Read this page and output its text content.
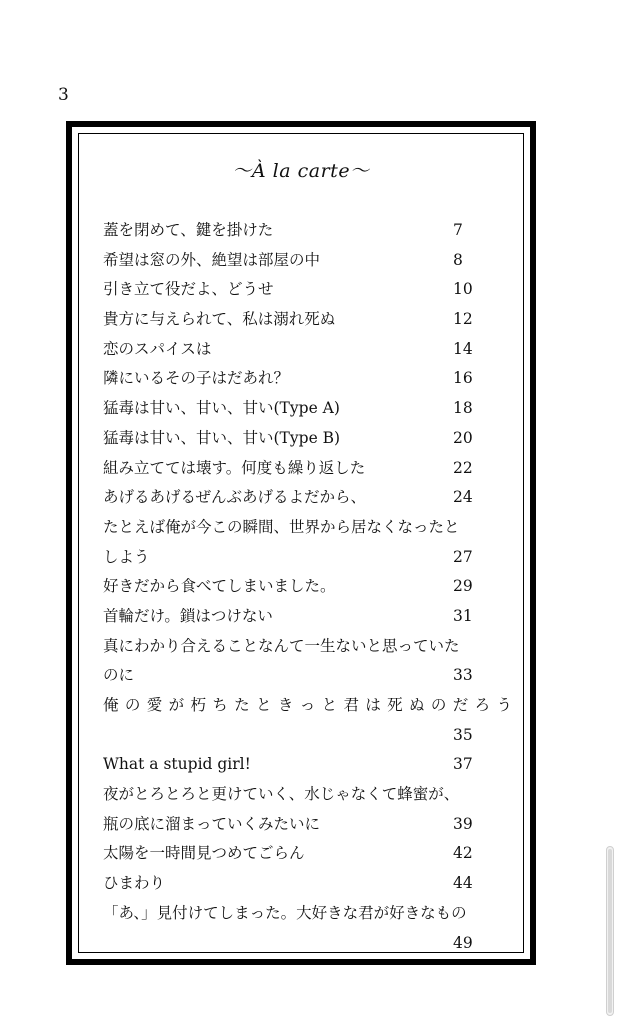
3
〜À la carte〜
蓋を閉めて、鍵を掛けた	7
希望は窓の外、絶望は部屋の中	8
引き立て役だよ、どうせ	10
貴方に与えられて、私は溺れ死ぬ	12
恋のスパイスは	14
隣にいるその子はだあれ？	16
猛毒は甘い、甘い、甘い(Type A)	18
猛毒は甘い、甘い、甘い(Type B)	20
組み立てては壊す。何度も繰り返した	22
あげるあげるぜんぶあげるよだから、	24
たとえば俺が今この瞬間、世界から居なくなったと
しよう	27
好きだから食べてしまいました。	29
首輪だけ。鎖はつけない	31
真にわかり合えることなんて一生ないと思っていた
のに	33
俺の愛が朽ちたときっと君は死ぬのだろう
35
What a stupid girl!	37
夜がとろとろと更けていく、水じゃなくて蜂蜜が、
瓶の底に溜まっていくみたいに	39
太陽を一時間見つめてごらん	42
ひまわり	44
「あ、」見付けてしまった。大好きな君が好きなもの
49
